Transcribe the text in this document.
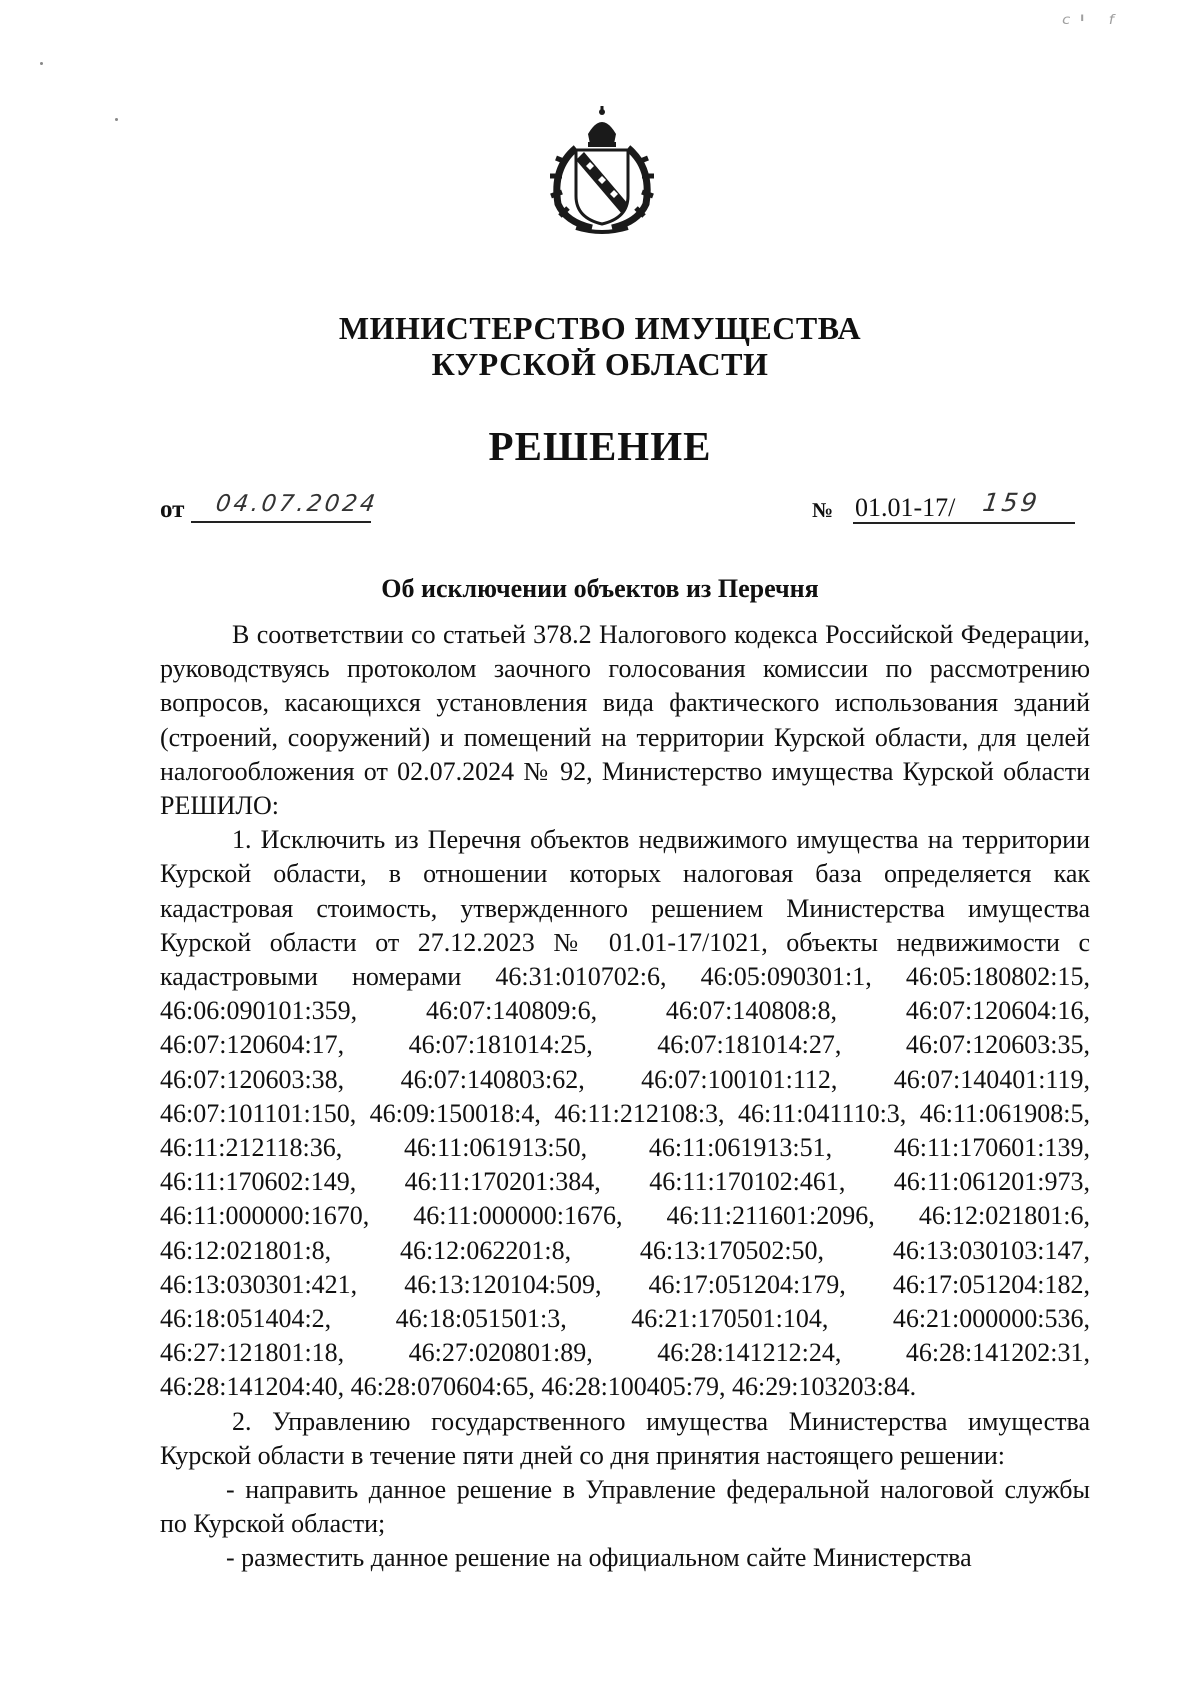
ᶜ' ᶠ
МИНИСТЕРСТВО ИМУЩЕСТВА
КУРСКОЙ ОБЛАСТИ
РЕШЕНИЕ
от 04.07.2024	№ 01.01-17/ 159
Об исключении объектов из Перечня

В соответствии со статьей 378.2 Налогового кодекса Российской Федерации, руководствуясь протоколом заочного голосования комиссии по рассмотрению вопросов, касающихся установления вида фактического использования зданий (строений, сооружений) и помещений на территории Курской области, для целей налогообложения от 02.07.2024 № 92, Министерство имущества Курской области РЕШИЛО:

1. Исключить из Перечня объектов недвижимого имущества на территории Курской области, в отношении которых налоговая база определяется как кадастровая стоимость, утвержденного решением Министерства имущества Курской области от 27.12.2023 № 01.01-17/1021, объекты недвижимости с кадастровыми номерами 46:31:010702:6, 46:05:090301:1, 46:05:180802:15, 46:06:090101:359, 46:07:140809:6, 46:07:140808:8, 46:07:120604:16, 46:07:120604:17, 46:07:181014:25, 46:07:181014:27, 46:07:120603:35, 46:07:120603:38, 46:07:140803:62, 46:07:100101:112, 46:07:140401:119, 46:07:101101:150, 46:09:150018:4, 46:11:212108:3, 46:11:041110:3, 46:11:061908:5, 46:11:212118:36, 46:11:061913:50, 46:11:061913:51, 46:11:170601:139, 46:11:170602:149, 46:11:170201:384, 46:11:170102:461, 46:11:061201:973, 46:11:000000:1670, 46:11:000000:1676, 46:11:211601:2096, 46:12:021801:6, 46:12:021801:8, 46:12:062201:8, 46:13:170502:50, 46:13:030103:147, 46:13:030301:421, 46:13:120104:509, 46:17:051204:179, 46:17:051204:182, 46:18:051404:2, 46:18:051501:3, 46:21:170501:104, 46:21:000000:536, 46:27:121801:18, 46:27:020801:89, 46:28:141212:24, 46:28:141202:31, 46:28:141204:40, 46:28:070604:65, 46:28:100405:79, 46:29:103203:84.

2. Управлению государственного имущества Министерства имущества Курской области в течение пяти дней со дня принятия настоящего решении:

- направить данное решение в Управление федеральной налоговой службы по Курской области;

- разместить данное решение на официальном сайте Министерства
